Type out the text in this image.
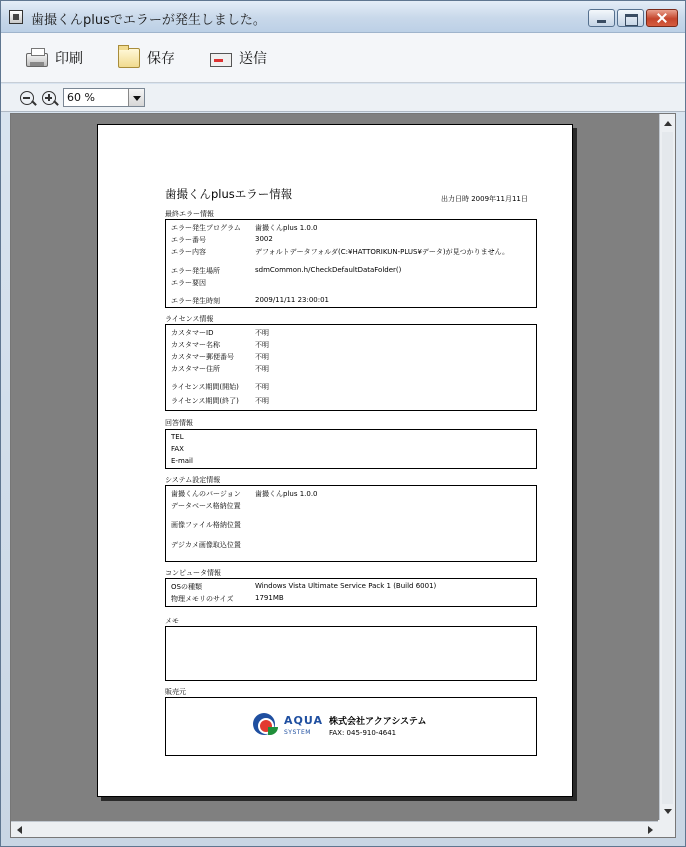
歯撮くんplusでエラーが発生しました。
印刷	保存	送信
60 %
歯撮くんplusエラー情報	出力日時 2009年11月11日
最終エラー情報
エラー発生プログラム 歯撮くんplus 1.0.0
エラー番号	3002
エラー内容	デフォルトデータフォルダ(C:¥HATTORIKUN-PLUS¥データ)が見つかりません。
エラー発生場所	sdmCommon.h/CheckDefaultDataFolder()
エラー要因
エラー発生時刻	2009/11/11 23:00:01
ライセンス情報
カスタマーID	不明
カスタマー名称	不明
カスタマー郵便番号	不明
カスタマー住所	不明
ライセンス期間(開始) 不明
ライセンス期間(終了) 不明
回答情報
TEL
FAX
E-mail
システム設定情報
歯撮くんのバージョン 歯撮くんplus 1.0.0
データベース格納位置
画像ファイル格納位置
デジカメ画像取込位置
コンピュータ情報
OSの種類	Windows Vista Ultimate Service Pack 1 (Build 6001)
物理メモリのサイズ	1791MB
メモ
販売元
AQUA
SYSTEM
株式会社アクアシステム
FAX: 045-910-4641
